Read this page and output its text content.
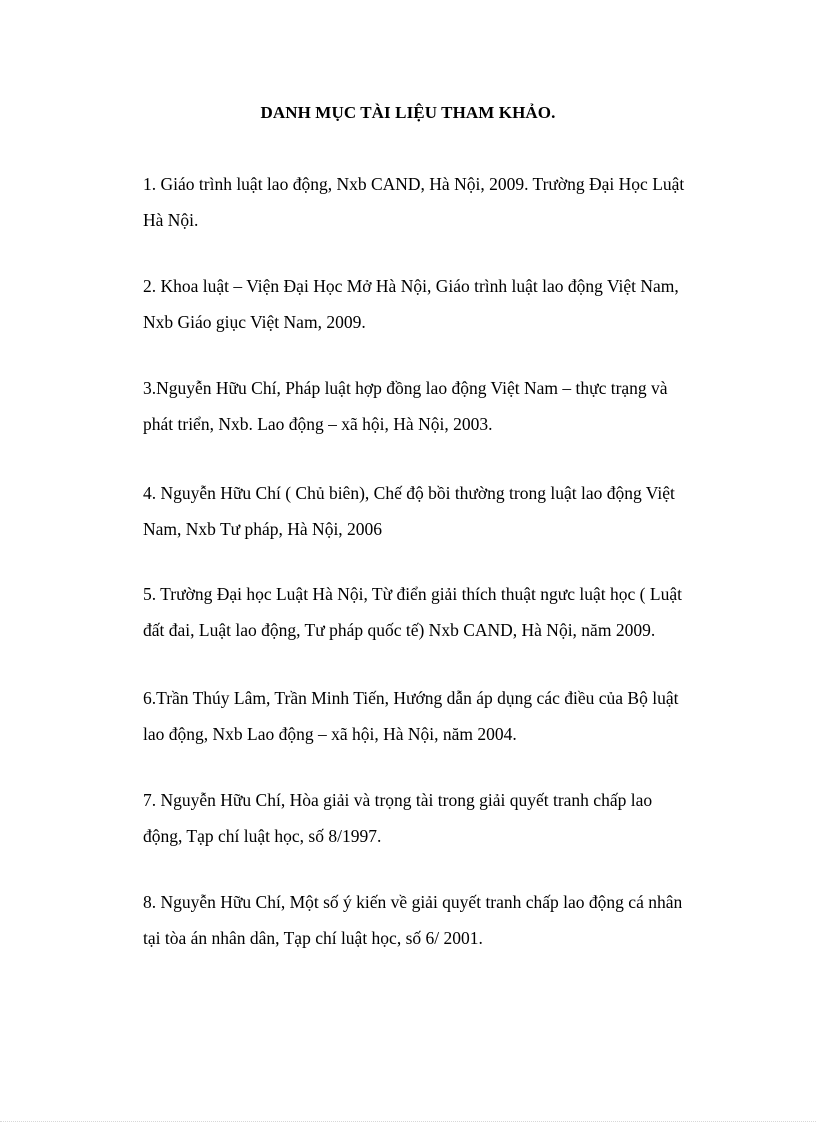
DANH MỤC TÀI LIỆU THAM KHẢO.
1. Giáo trình luật lao động, Nxb CAND, Hà Nội, 2009. Trường Đại Học Luật
Hà Nội.
2. Khoa luật – Viện Đại Học Mở Hà Nội, Giáo trình luật lao động Việt Nam,
Nxb Giáo giục Việt Nam, 2009.
3.Nguyễn Hữu Chí, Pháp luật hợp đồng lao động Việt Nam – thực trạng và
phát triển, Nxb. Lao động – xã hội, Hà Nội, 2003.
4. Nguyễn Hữu Chí ( Chủ biên), Chế độ bồi thường trong luật lao động Việt
Nam, Nxb Tư pháp, Hà Nội, 2006
5. Trường Đại học Luật Hà Nội, Từ điển giải thích thuật ngưc luật học ( Luật
đất đai, Luật lao động, Tư pháp quốc tế) Nxb CAND, Hà Nội, năm 2009.
6.Trần Thúy Lâm, Trần Minh Tiến, Hướng dẫn áp dụng các điều của Bộ luật
lao động, Nxb Lao động – xã hội, Hà Nội, năm 2004.
7. Nguyễn Hữu Chí, Hòa giải và trọng tài trong giải quyết tranh chấp lao
động, Tạp chí luật học, số 8/1997.
8. Nguyễn Hữu Chí, Một số ý kiến về giải quyết tranh chấp lao động cá nhân
tại tòa án nhân dân, Tạp chí luật học, số 6/ 2001.
